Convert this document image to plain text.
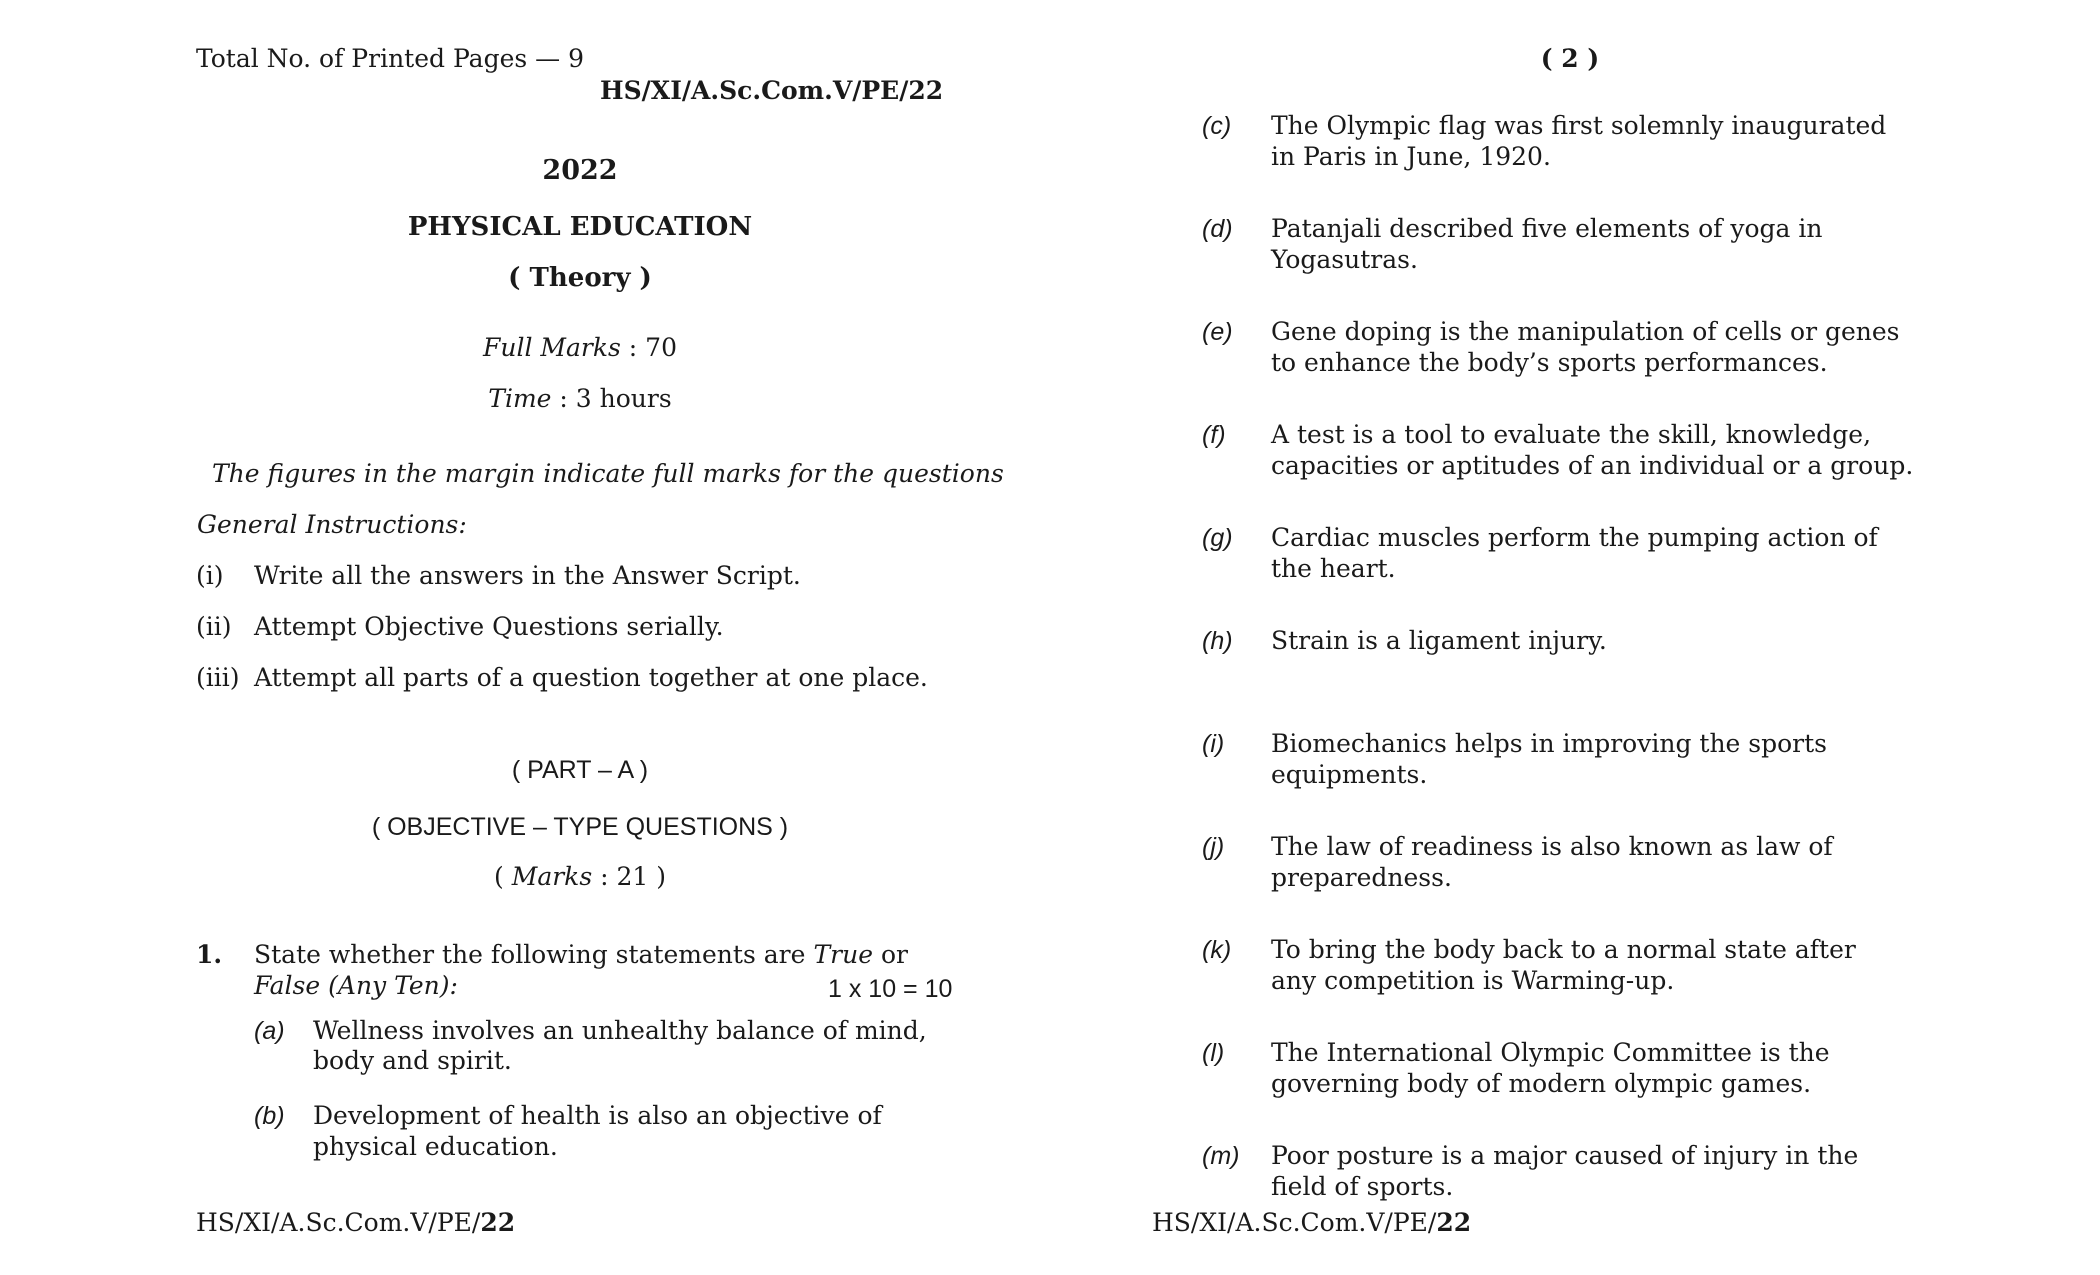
Total No. of Printed Pages — 9
HS/XI/A.Sc.Com.V/PE/22
2022
PHYSICAL EDUCATION
( Theory )
Full Marks : 70
Time : 3 hours
The figures in the margin indicate full marks for the questions
General Instructions:
(i) Write all the answers in the Answer Script.
(ii) Attempt Objective Questions serially.
(iii) Attempt all parts of a question together at one place.
( PART – A )
( OBJECTIVE – TYPE QUESTIONS )
( Marks : 21 )
1. State whether the following statements are True or
False (Any Ten):	1 x 10 = 10
(a) Wellness involves an unhealthy balance of mind,
body and spirit.
(b) Development of health is also an objective of
physical education.
HS/XI/A.Sc.Com.V/PE/22
( 2 )
(c) The Olympic flag was first solemnly inaugurated
in Paris in June, 1920.
(d) Patanjali described five elements of yoga in
Yogasutras.
(e) Gene doping is the manipulation of cells or genes
to enhance the body’s sports performances.
(f) A test is a tool to evaluate the skill, knowledge,
capacities or aptitudes of an individual or a group.
(g) Cardiac muscles perform the pumping action of
the heart.
(h) Strain is a ligament injury.
(i) Biomechanics helps in improving the sports
equipments.
(j) The law of readiness is also known as law of
preparedness.
(k) To bring the body back to a normal state after
any competition is Warming-up.
(l) The International Olympic Committee is the
governing body of modern olympic games.
(m) Poor posture is a major caused of injury in the
field of sports.
HS/XI/A.Sc.Com.V/PE/22
